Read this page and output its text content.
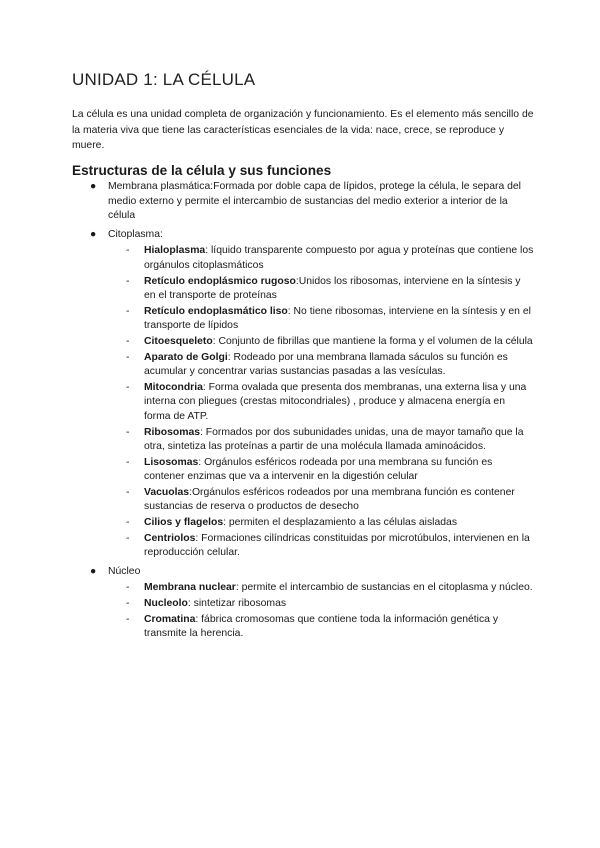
UNIDAD 1: LA CÉLULA

La célula es una unidad completa de organización y funcionamiento. Es el elemento más sencillo de la materia viva que tiene las características esenciales de la vida: nace, crece, se reproduce y muere.

Estructuras de la célula y sus funciones
● Membrana plasmática:Formada por doble capa de lípidos, protege la célula, le separa del medio externo y permite el intercambio de sustancias del medio exterior a interior de la célula
● Citoplasma:
- Hialoplasma: líquido transparente compuesto por agua y proteínas que contiene los orgánulos citoplasmáticos
- Retículo endoplásmico rugoso:Unidos los ribosomas, interviene en la síntesis y en el transporte de proteínas
- Retículo endoplasmático liso: No tiene ribosomas, interviene en la síntesis y en el transporte de lípidos
- Citoesqueleto: Conjunto de fibrillas que mantiene la forma y el volumen de la célula
- Aparato de Golgi: Rodeado por una membrana llamada sáculos su función es acumular y concentrar varias sustancias pasadas a las vesículas.
- Mitocondria: Forma ovalada que presenta dos membranas, una externa lisa y una interna con pliegues (crestas mitocondriales) , produce y almacena energía en forma de ATP.
- Ribosomas: Formados por dos subunidades unidas, una de mayor tamaño que la otra, sintetiza las proteínas a partir de una molécula llamada aminoácidos.
- Lisosomas: Orgánulos esféricos rodeada por una membrana su función es contener enzimas que va a intervenir en la digestión celular
- Vacuolas:Orgánulos esféricos rodeados por una membrana función es contener sustancias de reserva o productos de desecho
- Cilios y flagelos: permiten el desplazamiento a las células aisladas
- Centriolos: Formaciones cilíndricas constituidas por microtúbulos, intervienen en la reproducción celular.
● Núcleo
- Membrana nuclear: permite el intercambio de sustancias en el citoplasma y núcleo.
- Nucleolo: sintetizar ribosomas
- Cromatina: fábrica cromosomas que contiene toda la información genética y transmite la herencia.
